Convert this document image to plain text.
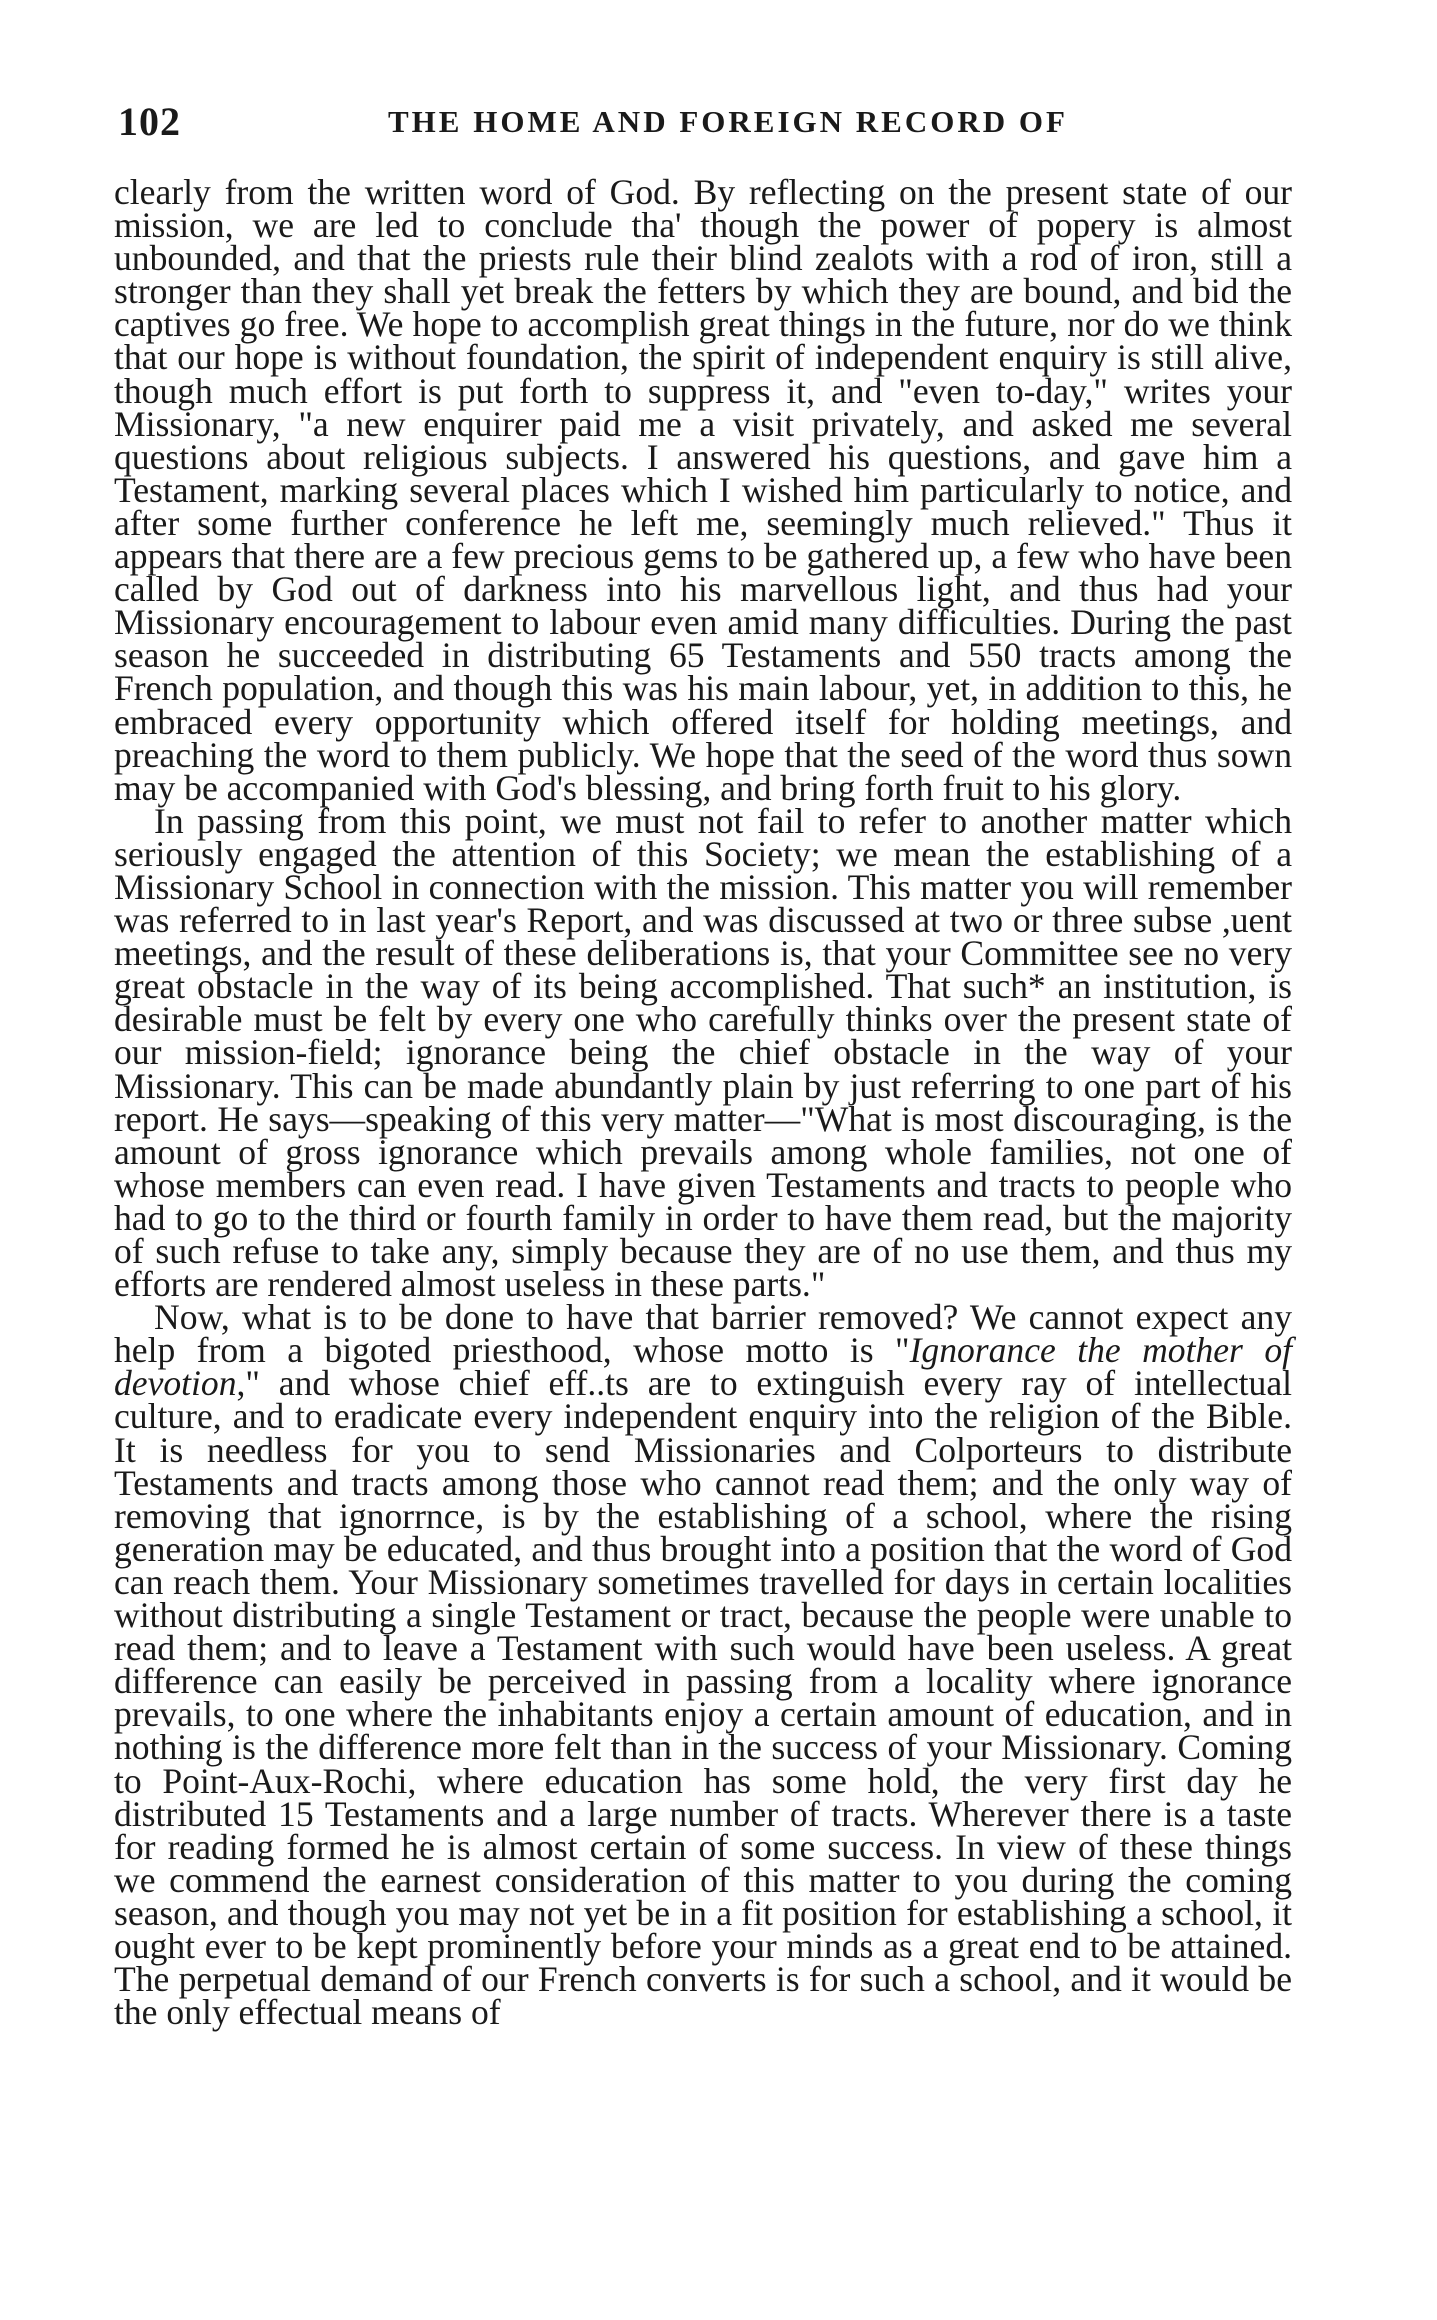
102	THE HOME AND FOREIGN RECORD OF

clearly from the written word of God. By reflecting on the present state of our mission, we are led to conclude tha' though the power of popery is almost unbounded, and that the priests rule their blind zealots with a rod of iron, still a stronger than they shall yet break the fetters by which they are bound, and bid the captives go free. We hope to accomplish great things in the future, nor do we think that our hope is without foundation, the spirit of independent enquiry is still alive, though much effort is put forth to suppress it, and "even to-day," writes your Missionary, "a new enquirer paid me a visit privately, and asked me several questions about religious subjects. I answered his questions, and gave him a Testament, marking several places which I wished him particularly to notice, and after some further conference he left me, seemingly much relieved." Thus it appears that there are a few precious gems to be gathered up, a few who have been called by God out of darkness into his marvellous light, and thus had your Missionary encouragement to labour even amid many difficulties. During the past season he succeeded in distributing 65 Testaments and 550 tracts among the French population, and though this was his main labour, yet, in addition to this, he embraced every opportunity which offered itself for holding meetings, and preaching the word to them publicly. We hope that the seed of the word thus sown may be accompanied with God's blessing, and bring forth fruit to his glory.

In passing from this point, we must not fail to refer to another matter which seriously engaged the attention of this Society; we mean the establishing of a Missionary School in connection with the mission. This matter you will remember was referred to in last year's Report, and was discussed at two or three subse ,uent meetings, and the result of these deliberations is, that your Committee see no very great obstacle in the way of its being accomplished. That such* an institution, is desirable must be felt by every one who carefully thinks over the present state of our mission-field; ignorance being the chief obstacle in the way of your Missionary. This can be made abundantly plain by just referring to one part of his report. He says—speaking of this very matter—"What is most discouraging, is the amount of gross ignorance which prevails among whole families, not one of whose members can even read. I have given Testaments and tracts to people who had to go to the third or fourth family in order to have them read, but the majority of such refuse to take any, simply because they are of no use them, and thus my efforts are rendered almost useless in these parts."

Now, what is to be done to have that barrier removed? We cannot expect any help from a bigoted priesthood, whose motto is "Ignorance the mother of devotion," and whose chief eff..ts are to extinguish every ray of intellectual culture, and to eradicate every independent enquiry into the religion of the Bible. It is needless for you to send Missionaries and Colporteurs to distribute Testaments and tracts among those who cannot read them; and the only way of removing that ignorrnce, is by the establishing of a school, where the rising generation may be educated, and thus brought into a position that the word of God can reach them. Your Missionary sometimes travelled for days in certain localities without distributing a single Testament or tract, because the people were unable to read them; and to leave a Testament with such would have been useless. A great difference can easily be perceived in passing from a locality where ignorance prevails, to one where the inhabitants enjoy a certain amount of education, and in nothing is the difference more felt than in the success of your Missionary. Coming to Point-Aux-Rochi, where education has some hold, the very first day he distributed 15 Testaments and a large number of tracts. Wherever there is a taste for reading formed he is almost certain of some success. In view of these things we commend the earnest consideration of this matter to you during the coming season, and though you may not yet be in a fit position for establishing a school, it ought ever to be kept prominently before your minds as a great end to be attained. The perpetual demand of our French converts is for such a school, and it would be the only effectual means of
